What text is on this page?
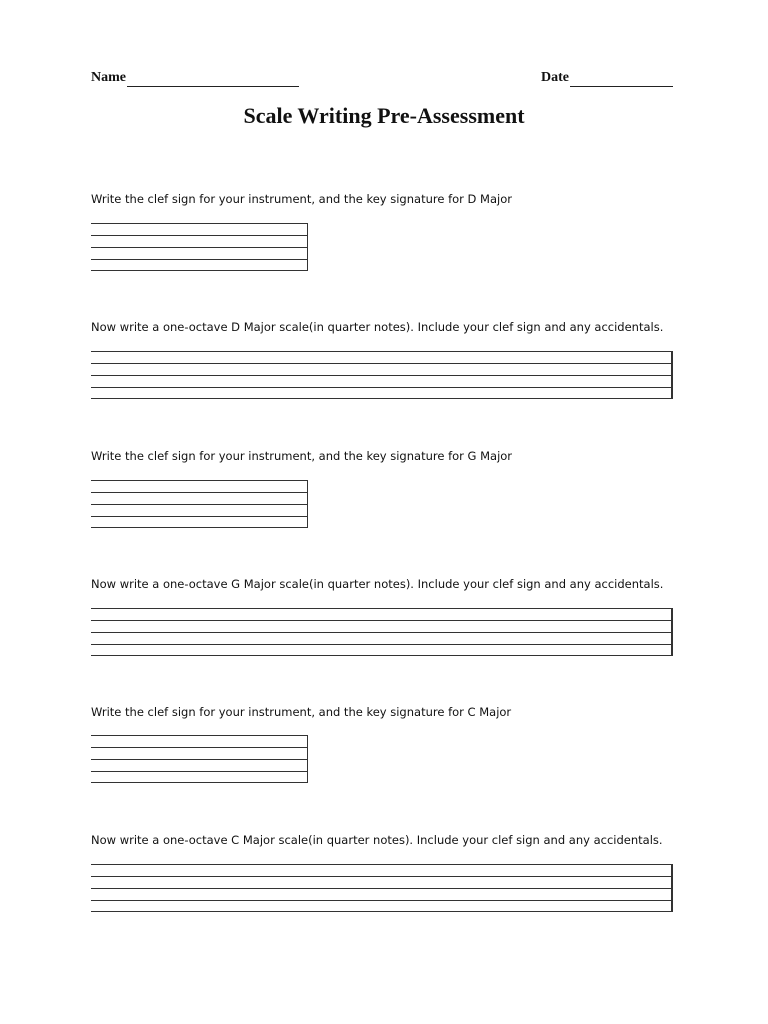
Name	Date
Scale Writing Pre-Assessment

Write the clef sign for your instrument, and the key signature for D Major

Now write a one-octave D Major scale(in quarter notes). Include your clef sign and any accidentals.

Write the clef sign for your instrument, and the key signature for G Major

Now write a one-octave G Major scale(in quarter notes). Include your clef sign and any accidentals.

Write the clef sign for your instrument, and the key signature for C Major

Now write a one-octave C Major scale(in quarter notes). Include your clef sign and any accidentals.
